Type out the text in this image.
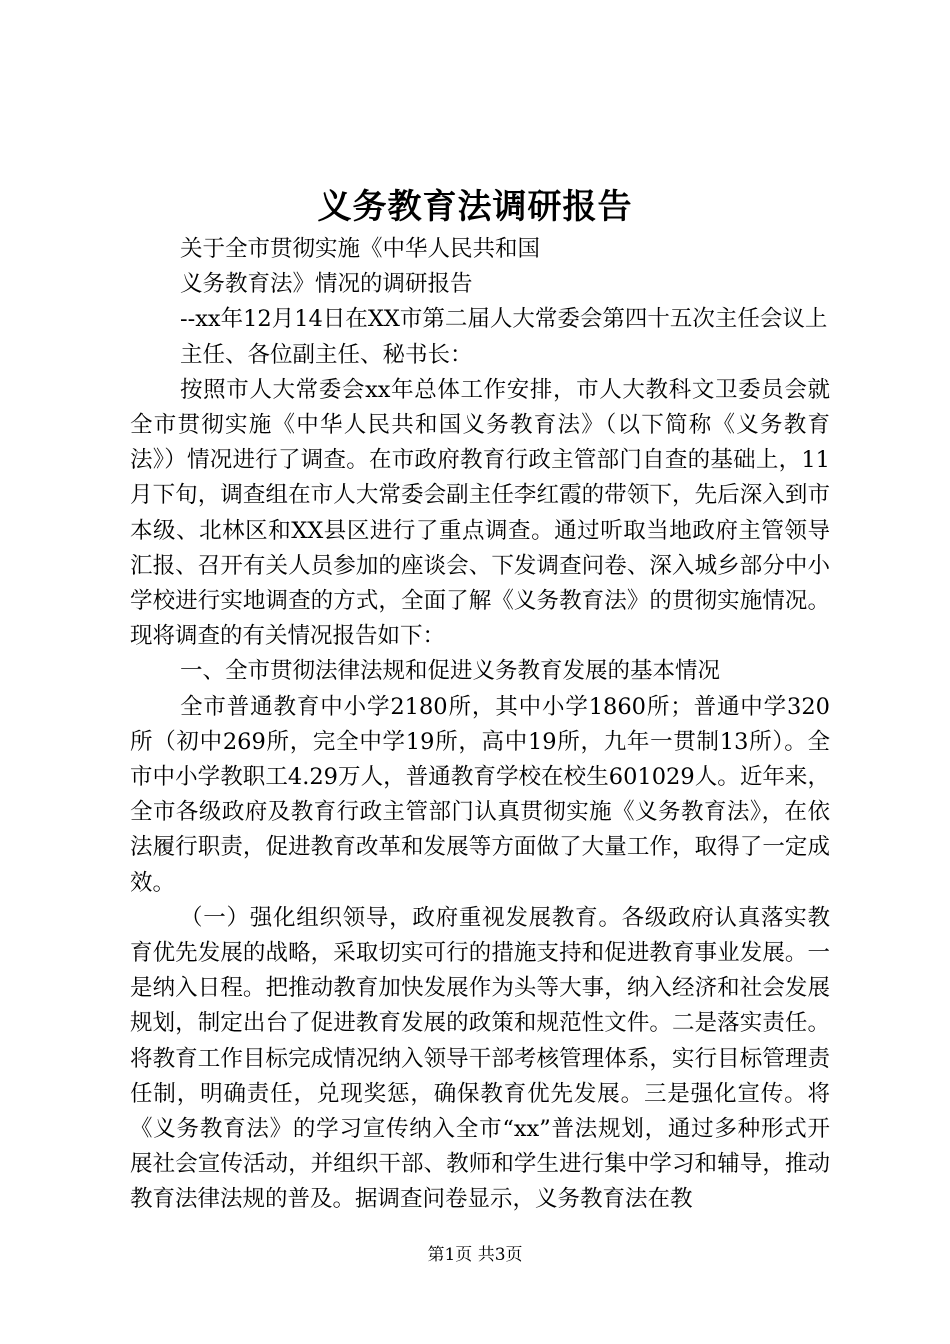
义务教育法调研报告

关于全市贯彻实施《中华人民共和国

义务教育法》情况的调研报告

--xx年12月14日在XX市第二届人大常委会第四十五次主任会议上

主任、各位副主任、秘书长：

按照市人大常委会xx年总体工作安排，市人大教科文卫委员会就全市贯彻实施《中华人民共和国义务教育法》（以下简称《义务教育法》）情况进行了调查。在市政府教育行政主管部门自查的基础上，11月下旬，调查组在市人大常委会副主任李红霞的带领下，先后深入到市本级、北林区和XX县区进行了重点调查。通过听取当地政府主管领导汇报、召开有关人员参加的座谈会、下发调查问卷、深入城乡部分中小学校进行实地调查的方式，全面了解《义务教育法》的贯彻实施情况。现将调查的有关情况报告如下：

一、全市贯彻法律法规和促进义务教育发展的基本情况

全市普通教育中小学2180所，其中小学1860所；普通中学320所（初中269所，完全中学19所，高中19所，九年一贯制13所）。全市中小学教职工4.29万人，普通教育学校在校生601029人。近年来，全市各级政府及教育行政主管部门认真贯彻实施《义务教育法》，在依法履行职责，促进教育改革和发展等方面做了大量工作，取得了一定成效。

（一）强化组织领导，政府重视发展教育。各级政府认真落实教育优先发展的战略，采取切实可行的措施支持和促进教育事业发展。一是纳入日程。把推动教育加快发展作为头等大事，纳入经济和社会发展规划，制定出台了促进教育发展的政策和规范性文件。二是落实责任。将教育工作目标完成情况纳入领导干部考核管理体系，实行目标管理责任制，明确责任，兑现奖惩，确保教育优先发展。三是强化宣传。将《义务教育法》的学习宣传纳入全市“xx”普法规划，通过多种形式开展社会宣传活动，并组织干部、教师和学生进行集中学习和辅导，推动教育法律法规的普及。据调查问卷显示，义务教育法在教

第1页 共3页
